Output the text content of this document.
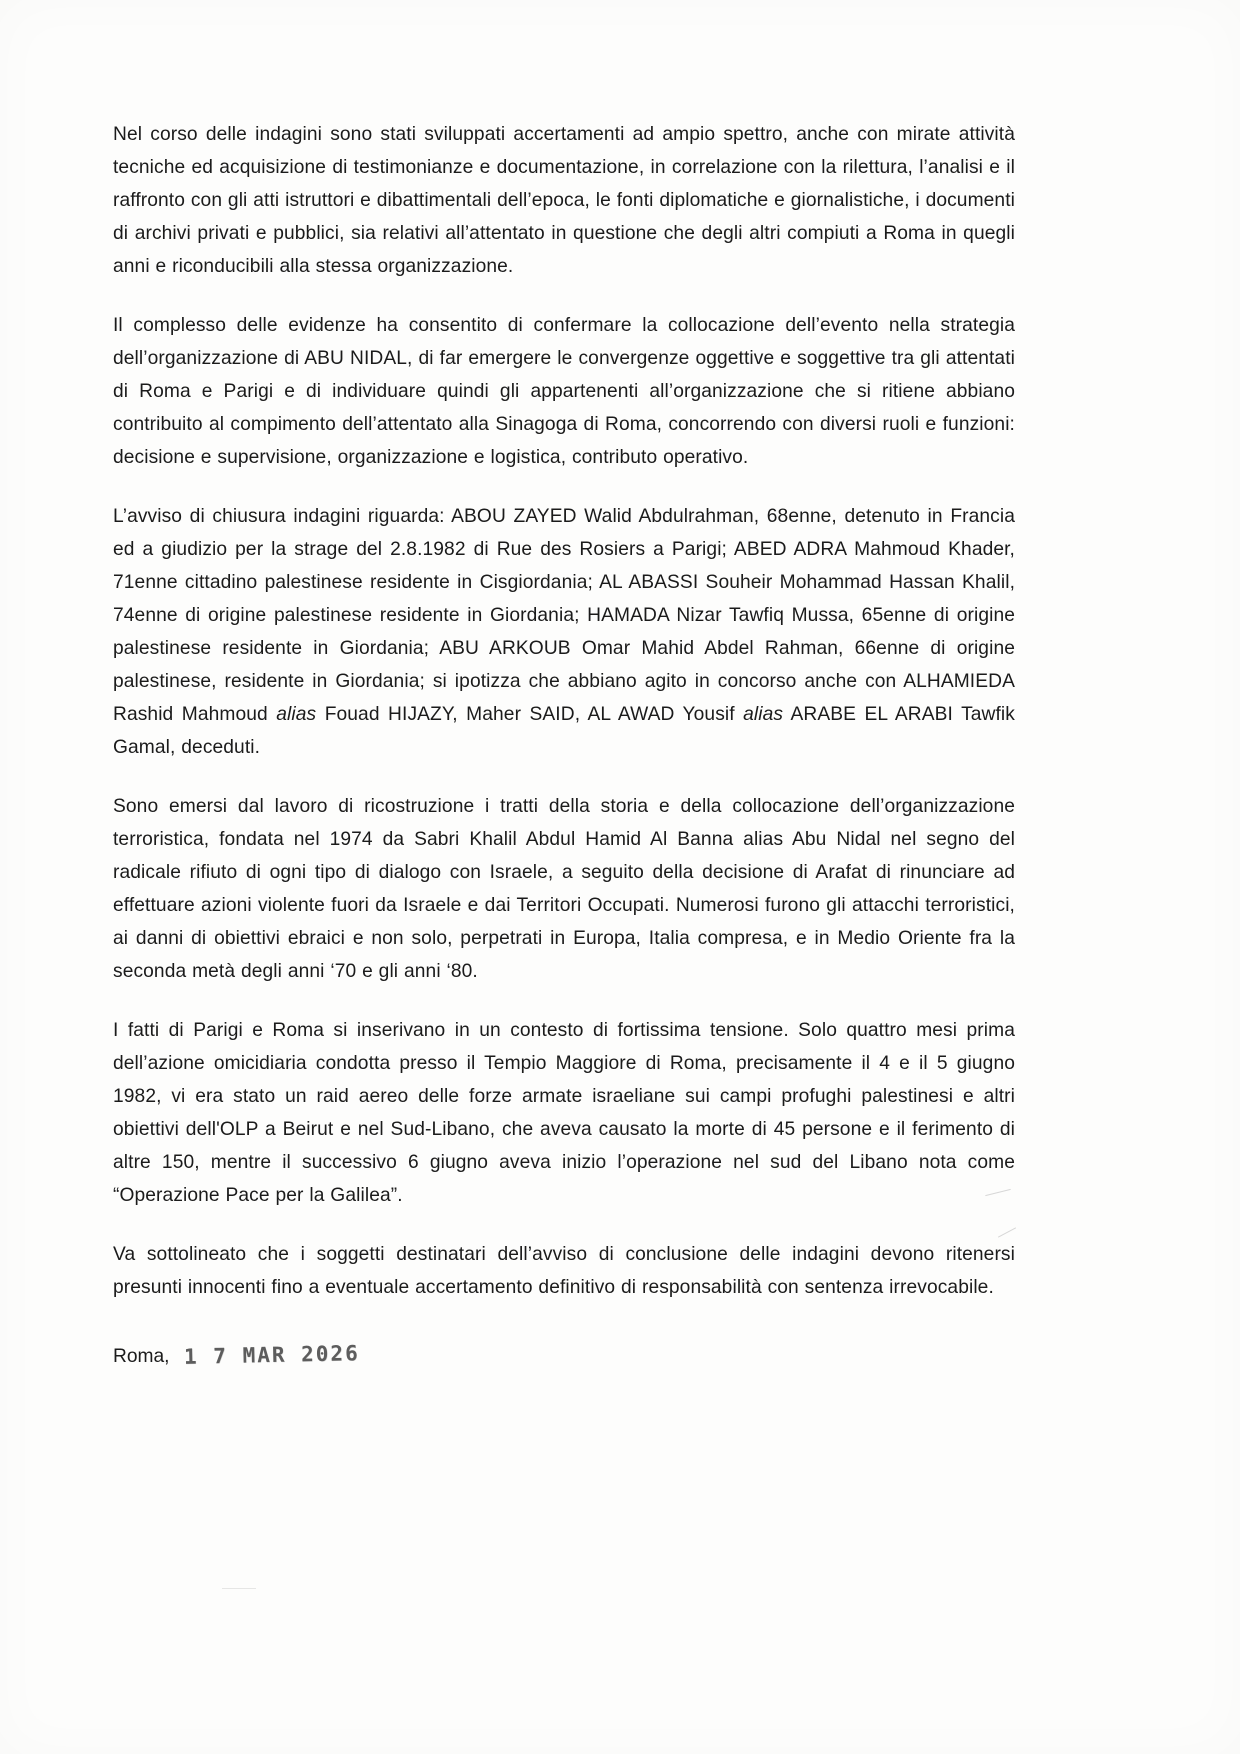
Nel corso delle indagini sono stati sviluppati accertamenti ad ampio spettro, anche con mirate attività tecniche ed acquisizione di testimonianze e documentazione, in correlazione con la rilettura, l’analisi e il raffronto con gli atti istruttori e dibattimentali dell’epoca, le fonti diplomatiche e giornalistiche, i documenti di archivi privati e pubblici, sia relativi all’attentato in questione che degli altri compiuti a Roma in quegli anni e riconducibili alla stessa organizzazione.

Il complesso delle evidenze ha consentito di confermare la collocazione dell’evento nella strategia dell’organizzazione di ABU NIDAL, di far emergere le convergenze oggettive e soggettive tra gli attentati di Roma e Parigi e di individuare quindi gli appartenenti all’organizzazione che si ritiene abbiano contribuito al compimento dell’attentato alla Sinagoga di Roma, concorrendo con diversi ruoli e funzioni: decisione e supervisione, organizzazione e logistica, contributo operativo.

L’avviso di chiusura indagini riguarda: ABOU ZAYED Walid Abdulrahman, 68enne, detenuto in Francia ed a giudizio per la strage del 2.8.1982 di Rue des Rosiers a Parigi; ABED ADRA Mahmoud Khader, 71enne cittadino palestinese residente in Cisgiordania; AL ABASSI Souheir Mohammad Hassan Khalil, 74enne di origine palestinese residente in Giordania; HAMADA Nizar Tawfiq Mussa, 65enne di origine palestinese residente in Giordania; ABU ARKOUB Omar Mahid Abdel Rahman, 66enne di origine palestinese, residente in Giordania; si ipotizza che abbiano agito in concorso anche con ALHAMIEDA Rashid Mahmoud alias Fouad HIJAZY, Maher SAID, AL AWAD Yousif alias ARABE EL ARABI Tawfik Gamal, deceduti.

Sono emersi dal lavoro di ricostruzione i tratti della storia e della collocazione dell’organizzazione terroristica, fondata nel 1974 da Sabri Khalil Abdul Hamid Al Banna alias Abu Nidal nel segno del radicale rifiuto di ogni tipo di dialogo con Israele, a seguito della decisione di Arafat di rinunciare ad effettuare azioni violente fuori da Israele e dai Territori Occupati. Numerosi furono gli attacchi terroristici, ai danni di obiettivi ebraici e non solo, perpetrati in Europa, Italia compresa, e in Medio Oriente fra la seconda metà degli anni ‘70 e gli anni ‘80.

I fatti di Parigi e Roma si inserivano in un contesto di fortissima tensione. Solo quattro mesi prima dell’azione omicidiaria condotta presso il Tempio Maggiore di Roma, precisamente il 4 e il 5 giugno 1982, vi era stato un raid aereo delle forze armate israeliane sui campi profughi palestinesi e altri obiettivi dell'OLP a Beirut e nel Sud-Libano, che aveva causato la morte di 45 persone e il ferimento di altre 150, mentre il successivo 6 giugno aveva inizio l’operazione nel sud del Libano nota come “Operazione Pace per la Galilea”.

Va sottolineato che i soggetti destinatari dell’avviso di conclusione delle indagini devono ritenersi presunti innocenti fino a eventuale accertamento definitivo di responsabilità con sentenza irrevocabile.

Roma, 1 7 MAR 2026
